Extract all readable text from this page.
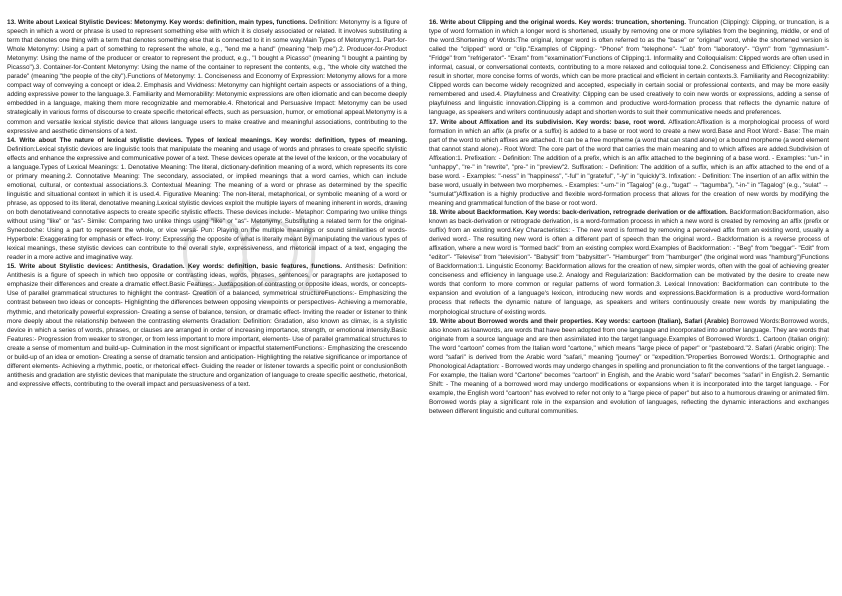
13.

Write about Lexical Stylistic Devices: Metonymy. Key words: definition, main types, functions.

Definition: Metonymy is a figure of speech in which a word or phrase is used to represent something else with which it is closely associated or related. It involves substituting a term that denotes one thing with a term that denotes something else that is connected to it in some way.Main Types of Metonymy:1. Part-for-Whole Metonymy: Using a part of something to represent the whole, e.g., "lend me a hand" (meaning "help me").2. Producer-for-Product Metonymy: Using the name of the producer or creator to represent the product, e.g., "I bought a Picasso" (meaning "I bought a painting by Picasso").3. Container-for-Content Metonymy: Using the name of the container to represent the contents, e.g., "the whole city watched the parade" (meaning "the people of the city").Functions of Metonymy: 1. Conciseness and Economy of Expression: Metonymy allows for a more compact way of conveying a concept or idea.2. Emphasis and Vividness: Metonymy can highlight certain aspects or associations of a thing, adding expressive power to the language.3. Familiarity and Memorability: Metonymic expressions are often idiomatic and can become deeply embedded in a language, making them more recognizable and memorable.4. Rhetorical and Persuasive Impact: Metonymy can be used strategically in various forms of discourse to create specific rhetorical effects, such as persuasion, humor, or emotional appeal.Metonymy is a common and versatile lexical stylistic device that allows language users to make creative and meaningful associations, contributing to the expressive and aesthetic dimensions of a text.

14.

Write about The nature of lexical stylistic devices. Types of lexical meanings. Key words: definition, types of meaning.

Definition:Lexical stylistic devices are linguistic tools that manipulate the meaning and usage of words and phrases to create specific stylistic effects and enhance the expressive and communicative power of a text. These devices operate at the level of the lexicon, or the vocabulary of a language.Types of Lexical Meanings: 1. Denotative Meaning: The literal, dictionary-definition meaning of a word, which represents its core or primary meaning.2. Connotative Meaning: The secondary, associated, or implied meanings that a word carries, which can include emotional, cultural, or contextual associations.3. Contextual Meaning: The meaning of a word or phrase as determined by the specific linguistic and situational context in which it is used.4. Figurative Meaning: The non-literal, metaphorical, or symbolic meaning of a word or phrase, as opposed to its literal, denotative meaning.Lexical stylistic devices exploit the multiple layers of meaning inherent in words, drawing on both denotativeand connotative aspects to create specific stylistic effects. These devices include:- Metaphor: Comparing two unlike things without using "like" or "as"- Simile: Comparing two unlike things using "like" or "as"- Metonymy: Substituting a related term for the original- Synecdoche: Using a part to represent the whole, or vice versa- Pun: Playing on the multiple meanings or sound similarities of words- Hyperbole: Exaggerating for emphasis or effect- Irony: Expressing the opposite of what is literally meant By manipulating the various types of lexical meanings, these stylistic devices can contribute to the overall style, expressiveness, and rhetorical impact of a text, engaging the reader in a more active and imaginative way.

15.

Write about Stylistic devices: Antithesis, Gradation. Key words: definition, basic features, functions.

Antithesis: Definition: Antithesis is a figure of speech in which two opposite or contrasting ideas, words, phrases, sentences, or paragraphs are juxtaposed to emphasize their differences and create a dramatic effect.Basic Features:- Juxtaposition of contrasting or opposite ideas, words, or concepts- Use of parallel grammatical structures to highlight the contrast- Creation of a balanced, symmetrical structureFunctions:- Emphasizing the contrast between two ideas or concepts- Highlighting the differences between opposing viewpoints or perspectives- Achieving a memorable, rhythmic, and rhetorically powerful expression- Creating a sense of balance, tension, or dramatic effect- Inviting the reader or listener to think more deeply about the relationship between the contrasting elements Gradation: Definition: Gradation, also known as climax, is a stylistic device in which a series of words, phrases, or clauses are arranged in order of increasing importance, strength, or emotional intensity.Basic Features:- Progression from weaker to stronger, or from less important to more important, elements- Use of parallel grammatical structures to create a sense of momentum and build-up- Culmination in the most significant or impactful statementFunctions:- Emphasizing the crescendo or build-up of an idea or emotion- Creating a sense of dramatic tension and anticipation- Highlighting the relative significance or importance of different elements- Achieving a rhythmic, poetic, or rhetorical effect- Guiding the reader or listener towards a specific point or conclusionBoth antithesis and gradation are stylistic devices that manipulate the structure and organization of language to create specific aesthetic, rhetorical, and expressive effects, contributing to the overall impact and persuasiveness of a text.

16.

Write about Clipping and the original words. Key words: truncation, shortening.

Truncation (Clipping): Clipping, or truncation, is a type of word formation in which a longer word is shortened, usually by removing one or more syllables from the beginning, middle, or end of the word.Shortening of Words:The original, longer word is often referred to as the "base" or "original" word, while the shortened version is called the "clipped" word or "clip."Examples of Clipping:- "Phone" from "telephone"- "Lab" from "laboratory"- "Gym" from "gymnasium"- "Fridge" from "refrigerator"- "Exam" from "examination"Functions of Clipping:1. Informality and Colloquialism: Clipped words are often used in informal, casual, or conversational contexts, contributing to a more relaxed and colloquial tone.2. Conciseness and Efficiency: Clipping can result in shorter, more concise forms of words, which can be more practical and efficient in certain contexts.3. Familiarity and Recognizability: Clipped words can become widely recognized and accepted, especially in certain social or professional contexts, and may be more easily remembered and used.4. Playfulness and Creativity: Clipping can be used creatively to coin new words or expressions, adding a sense of playfulness and linguistic innovation.Clipping is a common and productive word-formation process that reflects the dynamic nature of language, as speakers and writers continuously adapt and shorten words to suit their communicative needs and preferences.

17.

Write about Affixation and its subdivision. Key words: base, root word.

Affixation:Affixation is a morphological process of word formation in which an affix (a prefix or a suffix) is added to a base or root word to create a new word.Base and Root Word:- Base: The main part of the word to which affixes are attached. It can be a free morpheme (a word that can stand alone) or a bound morpheme (a word element that cannot stand alone).- Root Word: The core part of the word that carries the main meaning and to which affixes are added.Subdivision of Affixation:1. Prefixation: - Definition: The addition of a prefix, which is an affix attached to the beginning of a base word. - Examples: "un-" in "unhappy", "re-" in "rewrite", "pre-" in "preview"2. Suffixation: - Definition: The addition of a suffix, which is an affix attached to the end of a base word. - Examples: "-ness" in "happiness", "-ful" in "grateful", "-ly" in "quickly"3. Infixation: - Definition: The insertion of an affix within the base word, usually in between two morphemes. - Examples: "-um-" in "Tagalog" (e.g., "tugat" → "tagumba"), "-in-" in "Tagalog" (e.g., "sulat" → "sumulat")Affixation is a highly productive and flexible word-formation process that allows for the creation of new words by modifying the meaning and grammatical function of the base or root word.

18.

Write about Backformation. Key words: back-derivation, retrograde derivation or de affixation.

Backformation:Backformation, also known as back-derivation or retrograde derivation, is a word-formation process in which a new word is created by removing an affix (prefix or suffix) from an existing word.Key Characteristics: - The new word is formed by removing a perceived affix from an existing word, usually a derived word.- The resulting new word is often a different part of speech than the original word.- Backformation is a reverse process of affixation, where a new word is "formed back" from an existing complex word.Examples of Backformation: - "Beg" from "beggar"- "Edit" from "editor"- "Televise" from "television"- "Babysit" from "babysitter"- "Hamburger" from "hamburger" (the original word was "hamburg")Functions of Backformation:1. Linguistic Economy: Backformation allows for the creation of new, simpler words, often with the goal of achieving greater conciseness and efficiency in language use.2. Analogy and Regularization: Backformation can be motivated by the desire to create new words that conform to more common or regular patterns of word formation.3. Lexical Innovation: Backformation can contribute to the expansion and evolution of a language's lexicon, introducing new words and expressions.Backformation is a productive word-formation process that reflects the dynamic nature of language, as speakers and writers continuously create new words by manipulating the morphological structure of existing words.

19.

Write about Borrowed words and their properties. Key words: cartoon (Italian), Safari (Arabic)

Borrowed Words:Borrowed words, also known as loanwords, are words that have been adopted from one language and incorporated into another language. They are words that originate from a source language and are then assimilated into the target language.Examples of Borrowed Words:1. Cartoon (Italian origin): The word "cartoon" comes from the Italian word "cartone," which means "large piece of paper" or "pasteboard."2. Safari (Arabic origin): The word "safari" is derived from the Arabic word "safari," meaning "journey" or "expedition."Properties Borrowed Words:1. Orthographic and Phonological Adaptation: - Borrowed words may undergo changes in spelling and pronunciation to fit the conventions of the target language. - For example, the Italian word "Cartone" becomes "cartoon" in English, and the Arabic word "safari" becomes "safari" in English.2. Semantic Shift: - The meaning of a borrowed word may undergo modifications or expansions when it is incorporated into the target language. - For example, the English word "cartoon" has evolved to refer not only to a "large piece of paper" but also to a humorous drawing or animated film. Borrowed words play a significant role in the expansion and evolution of languages, reflecting the dynamic interactions and exchanges between different linguistic and cultural communities.
